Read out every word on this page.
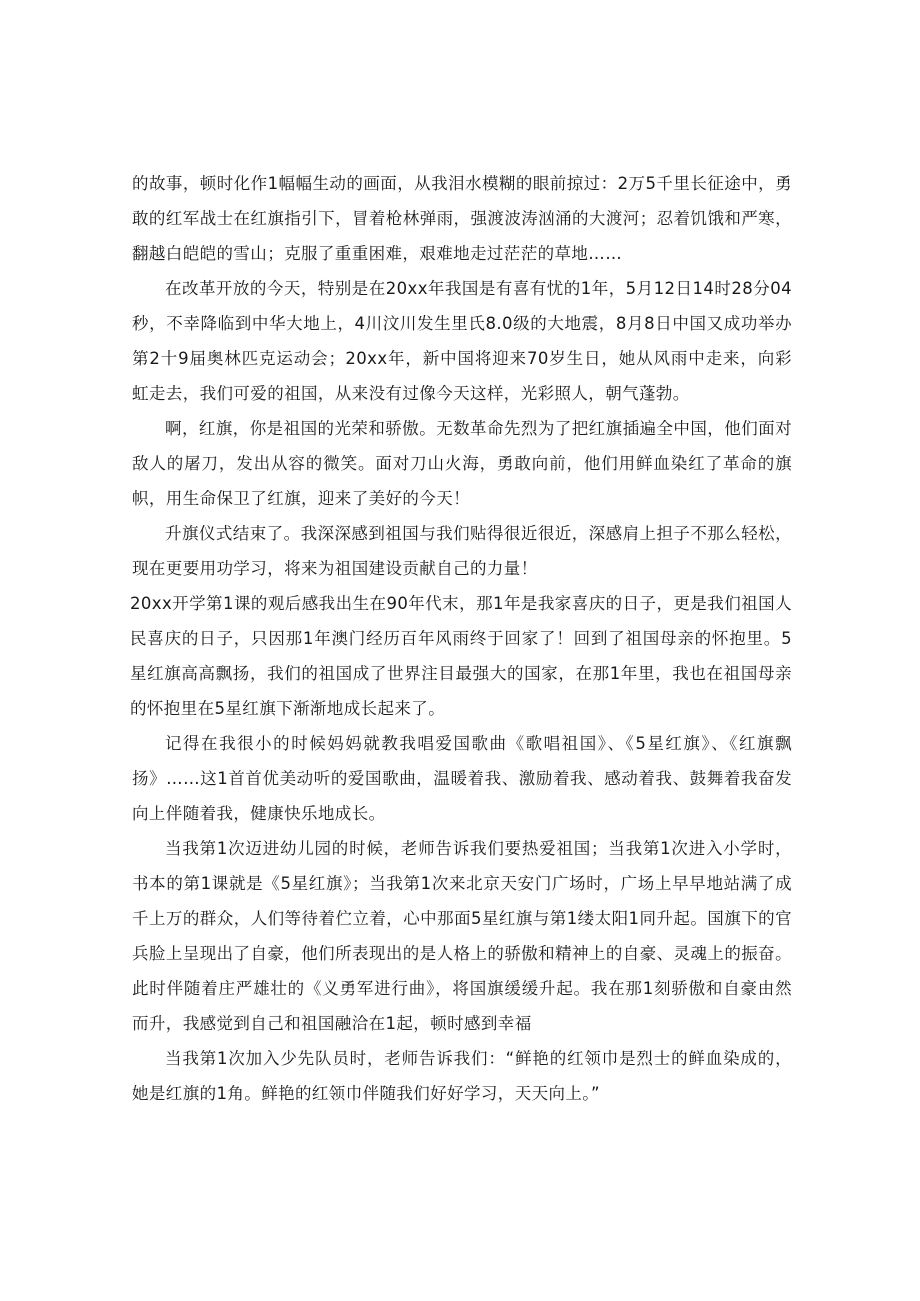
的故事，顿时化作1幅幅生动的画面，从我泪水模糊的眼前掠过：2万5千里长征途中，勇敢的红军战士在红旗指引下，冒着枪林弹雨，强渡波涛汹涌的大渡河；忍着饥饿和严寒，翻越白皑皑的雪山；克服了重重困难，艰难地走过茫茫的草地……

在改革开放的今天，特别是在20xx年我国是有喜有忧的1年，5月12日14时28分04秒，不幸降临到中华大地上，4川汶川发生里氏8.0级的大地震，8月8日中国又成功举办第2十9届奥林匹克运动会；20xx年，新中国将迎来70岁生日，她从风雨中走来，向彩虹走去，我们可爱的祖国，从来没有过像今天这样，光彩照人，朝气蓬勃。

啊，红旗，你是祖国的光荣和骄傲。无数革命先烈为了把红旗插遍全中国，他们面对敌人的屠刀，发出从容的微笑。面对刀山火海，勇敢向前，他们用鲜血染红了革命的旗帜，用生命保卫了红旗，迎来了美好的今天！

升旗仪式结束了。我深深感到祖国与我们贴得很近很近，深感肩上担子不那么轻松，现在更要用功学习，将来为祖国建设贡献自己的力量！

20xx开学第1课的观后感我出生在90年代末，那1年是我家喜庆的日子，更是我们祖国人民喜庆的日子，只因那1年澳门经历百年风雨终于回家了！回到了祖国母亲的怀抱里。5星红旗高高飘扬，我们的祖国成了世界注目最强大的国家，在那1年里，我也在祖国母亲的怀抱里在5星红旗下渐渐地成长起来了。

记得在我很小的时候妈妈就教我唱爱国歌曲《歌唱祖国》、《5星红旗》、《红旗飘扬》……这1首首优美动听的爱国歌曲，温暖着我、激励着我、感动着我、鼓舞着我奋发向上伴随着我，健康快乐地成长。

当我第1次迈进幼儿园的时候，老师告诉我们要热爱祖国；当我第1次进入小学时，书本的第1课就是《5星红旗》；当我第1次来北京天安门广场时，广场上早早地站满了成千上万的群众，人们等待着伫立着，心中那面5星红旗与第1缕太阳1同升起。国旗下的官兵脸上呈现出了自豪，他们所表现出的是人格上的骄傲和精神上的自豪、灵魂上的振奋。此时伴随着庄严雄壮的《义勇军进行曲》，将国旗缓缓升起。我在那1刻骄傲和自豪由然而升，我感觉到自己和祖国融洽在1起，顿时感到幸福

当我第1次加入少先队员时，老师告诉我们：“鲜艳的红领巾是烈士的鲜血染成的，她是红旗的1角。鲜艳的红领巾伴随我们好好学习，天天向上。”
